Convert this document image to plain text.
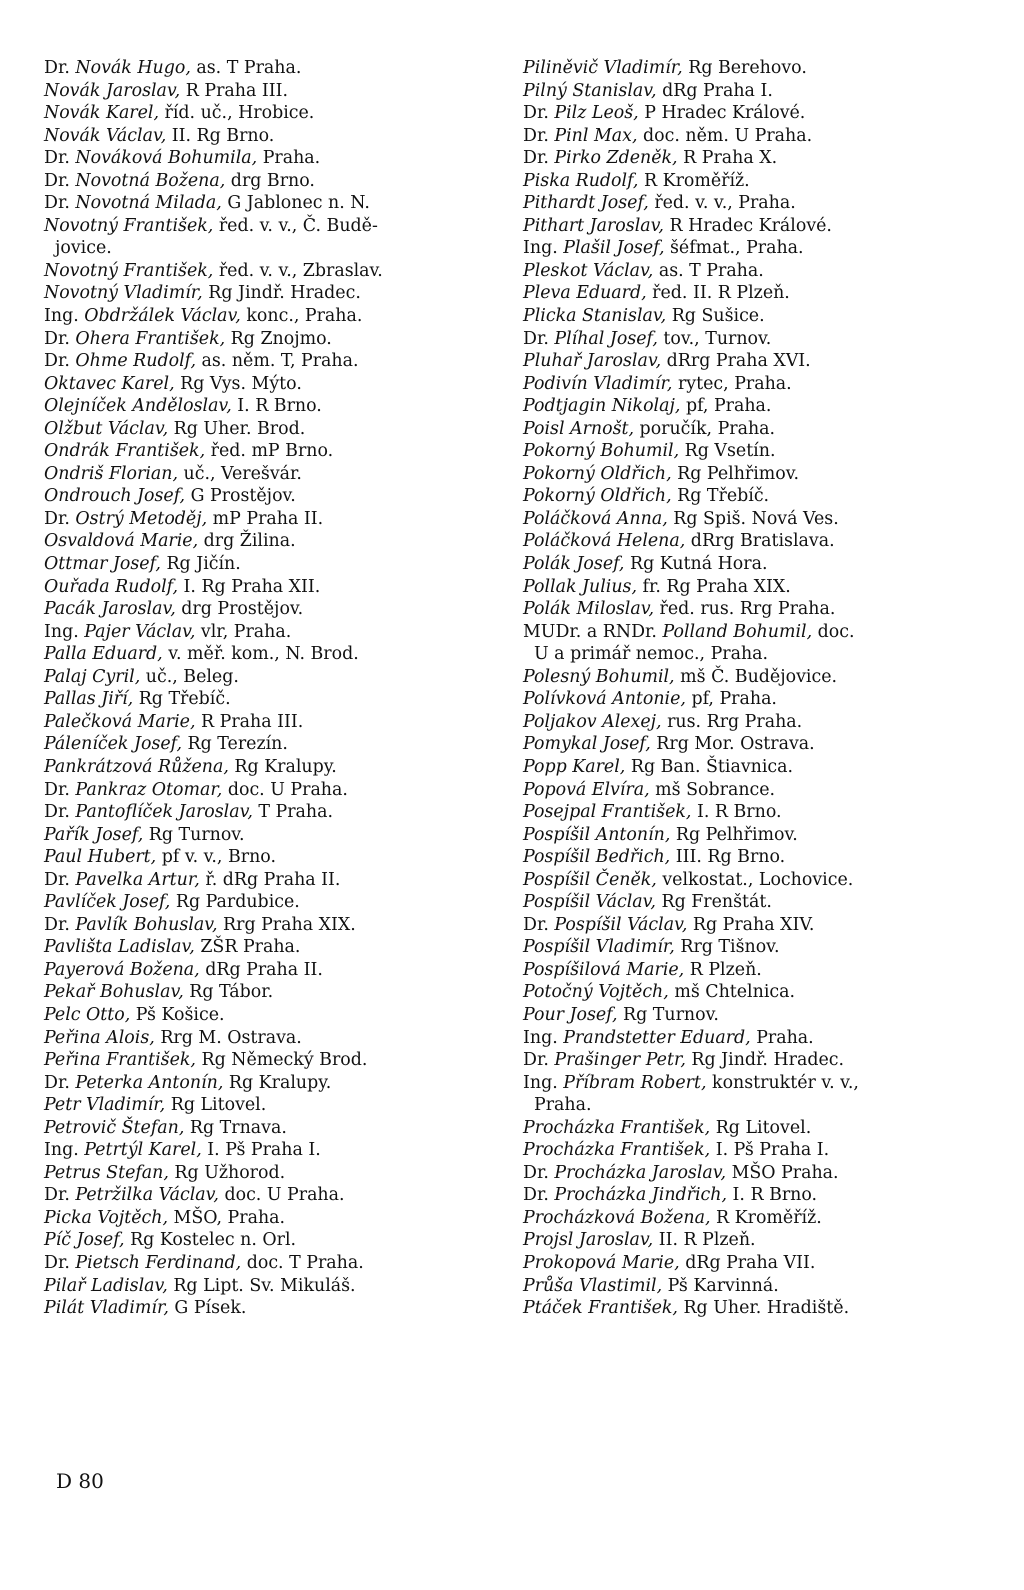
Dr. Novák Hugo, as. T Praha.
Novák Jaroslav, R Praha III.
Novák Karel, říd. uč., Hrobice.
Novák Václav, II. Rg Brno.
Dr. Nováková Bohumila, Praha.
Dr. Novotná Božena, drg Brno.
Dr. Novotná Milada, G Jablonec n. N.
Novotný František, řed. v. v., Č. Budě-
jovice.
Novotný František, řed. v. v., Zbraslav.
Novotný Vladimír, Rg Jindř. Hradec.
Ing. Obdržálek Václav, konc., Praha.
Dr. Ohera František, Rg Znojmo.
Dr. Ohme Rudolf, as. něm. T, Praha.
Oktavec Karel, Rg Vys. Mýto.
Olejníček Anděloslav, I. R Brno.
Olžbut Václav, Rg Uher. Brod.
Ondrák František, řed. mP Brno.
Ondriš Florian, uč., Verešvár.
Ondrouch Josef, G Prostějov.
Dr. Ostrý Metoděj, mP Praha II.
Osvaldová Marie, drg Žilina.
Ottmar Josef, Rg Jičín.
Ouřada Rudolf, I. Rg Praha XII.
Pacák Jaroslav, drg Prostějov.
Ing. Pajer Václav, vlr, Praha.
Palla Eduard, v. měř. kom., N. Brod.
Palaj Cyril, uč., Beleg.
Pallas Jiří, Rg Třebíč.
Palečková Marie, R Praha III.
Páleníček Josef, Rg Terezín.
Pankrátzová Růžena, Rg Kralupy.
Dr. Pankraz Otomar, doc. U Praha.
Dr. Pantoflíček Jaroslav, T Praha.
Pařík Josef, Rg Turnov.
Paul Hubert, pf v. v., Brno.
Dr. Pavelka Artur, ř. dRg Praha II.
Pavlíček Josef, Rg Pardubice.
Dr. Pavlík Bohuslav, Rrg Praha XIX.
Pavlišta Ladislav, ZŠR Praha.
Payerová Božena, dRg Praha II.
Pekař Bohuslav, Rg Tábor.
Pelc Otto, Pš Košice.
Peřina Alois, Rrg M. Ostrava.
Peřina František, Rg Německý Brod.
Dr. Peterka Antonín, Rg Kralupy.
Petr Vladimír, Rg Litovel.
Petrovič Štefan, Rg Trnava.
Ing. Petrtýl Karel, I. Pš Praha I.
Petrus Stefan, Rg Užhorod.
Dr. Petržilka Václav, doc. U Praha.
Picka Vojtěch, MŠO, Praha.
Píč Josef, Rg Kostelec n. Orl.
Dr. Pietsch Ferdinand, doc. T Praha.
Pilař Ladislav, Rg Lipt. Sv. Mikuláš.
Pilát Vladimír, G Písek.
Piliněvič Vladimír, Rg Berehovo.
Pilný Stanislav, dRg Praha I.
Dr. Pilz Leoš, P Hradec Králové.
Dr. Pinl Max, doc. něm. U Praha.
Dr. Pirko Zdeněk, R Praha X.
Piska Rudolf, R Kroměříž.
Pithardt Josef, řed. v. v., Praha.
Pithart Jaroslav, R Hradec Králové.
Ing. Plašil Josef, šéfmat., Praha.
Pleskot Václav, as. T Praha.
Pleva Eduard, řed. II. R Plzeň.
Plicka Stanislav, Rg Sušice.
Dr. Plíhal Josef, tov., Turnov.
Pluhař Jaroslav, dRrg Praha XVI.
Podivín Vladimír, rytec, Praha.
Podtjagin Nikolaj, pf, Praha.
Poisl Arnošt, poručík, Praha.
Pokorný Bohumil, Rg Vsetín.
Pokorný Oldřich, Rg Pelhřimov.
Pokorný Oldřich, Rg Třebíč.
Poláčková Anna, Rg Spiš. Nová Ves.
Poláčková Helena, dRrg Bratislava.
Polák Josef, Rg Kutná Hora.
Pollak Julius, fr. Rg Praha XIX.
Polák Miloslav, řed. rus. Rrg Praha.
MUDr. a RNDr. Polland Bohumil, doc.
U a primář nemoc., Praha.
Polesný Bohumil, mš Č. Budějovice.
Polívková Antonie, pf, Praha.
Poljakov Alexej, rus. Rrg Praha.
Pomykal Josef, Rrg Mor. Ostrava.
Popp Karel, Rg Ban. Štiavnica.
Popová Elvíra, mš Sobrance.
Posejpal František, I. R Brno.
Pospíšil Antonín, Rg Pelhřimov.
Pospíšil Bedřich, III. Rg Brno.
Pospíšil Čeněk, velkostat., Lochovice.
Pospíšil Václav, Rg Frenštát.
Dr. Pospíšil Václav, Rg Praha XIV.
Pospíšil Vladimír, Rrg Tišnov.
Pospíšilová Marie, R Plzeň.
Potočný Vojtěch, mš Chtelnica.
Pour Josef, Rg Turnov.
Ing. Prandstetter Eduard, Praha.
Dr. Prašinger Petr, Rg Jindř. Hradec.
Ing. Příbram Robert, konstruktér v. v.,
Praha.
Procházka František, Rg Litovel.
Procházka František, I. Pš Praha I.
Dr. Procházka Jaroslav, MŠO Praha.
Dr. Procházka Jindřich, I. R Brno.
Procházková Božena, R Kroměříž.
Projsl Jaroslav, II. R Plzeň.
Prokopová Marie, dRg Praha VII.
Průša Vlastimil, Pš Karvinná.
Ptáček František, Rg Uher. Hradiště.
D 80
